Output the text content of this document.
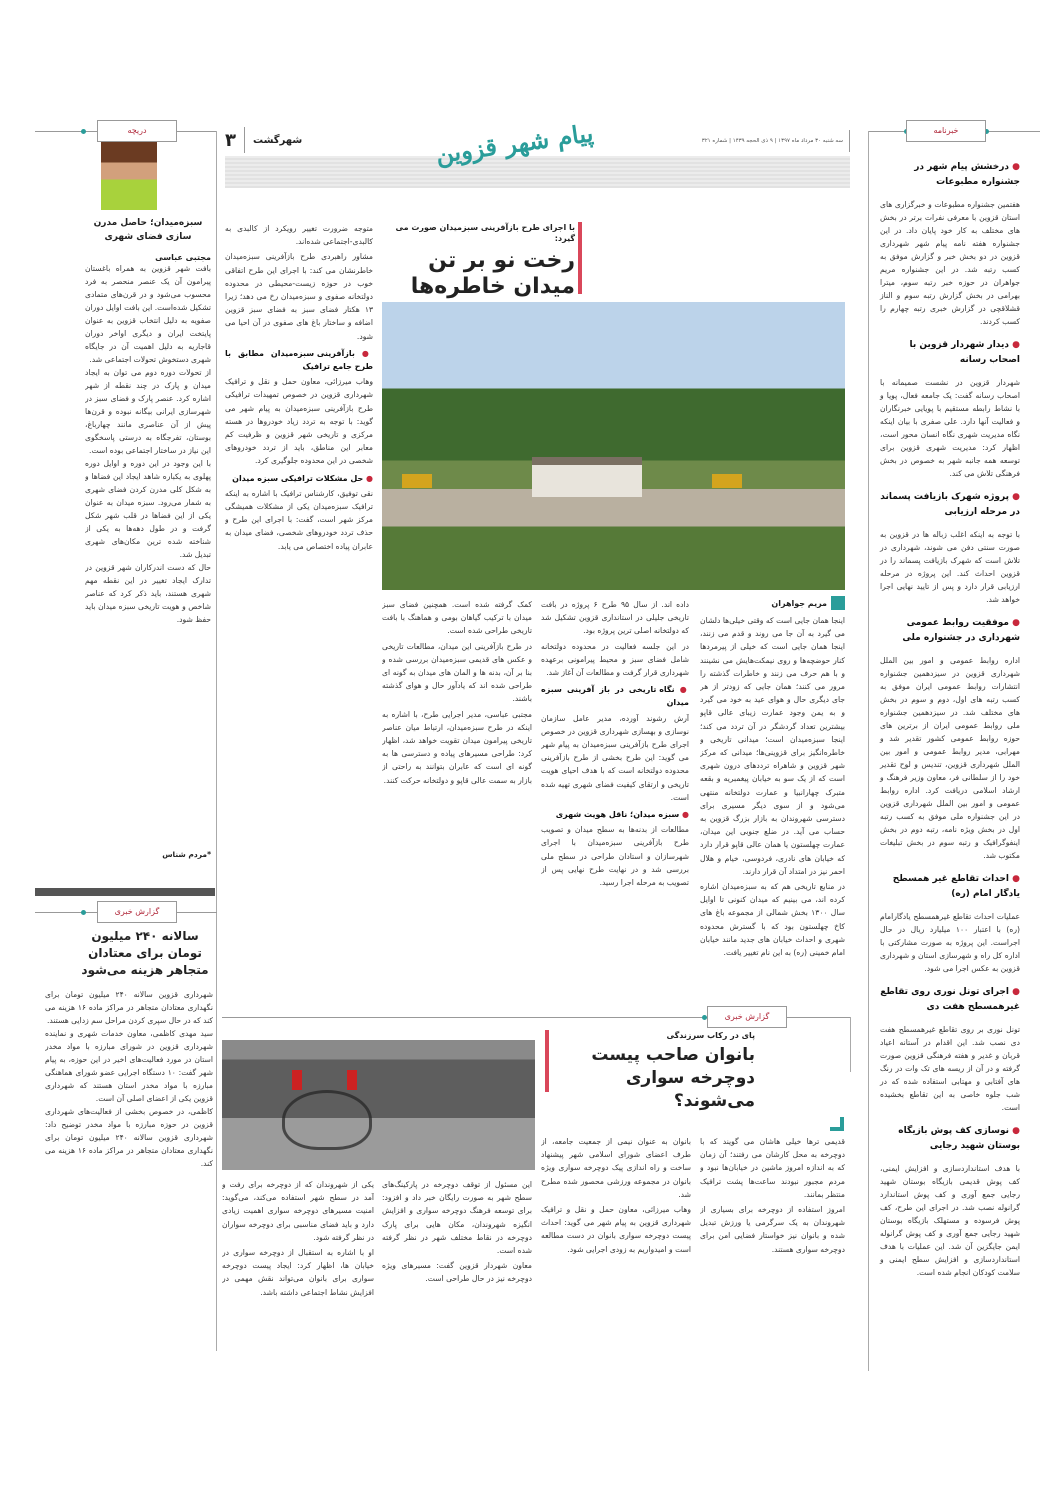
پیام شهر قزوین	سه شنبه ۳۰ مرداد ماه ۱۳۹۷ | ۹ ذی الحجه ۱۴۳۹ | شماره ۳۲۱
۳ شهرگشت
خبرنامه
● درخشش پیام شهر در جشنواره مطبوعات
هفتمین جشنواره مطبوعات و خبرگزاری های استان قزوین با معرفی نفرات برتر در بخش های مختلف به کار خود پایان داد. در این جشنواره هفته نامه پیام شهر شهرداری قزوین در دو بخش خبر و گزارش موفق به کسب رتبه شد. در این جشنواره مریم جواهران در حوزه خبر رتبه سوم، میترا بهرامی در بخش گزارش رتبه سوم و الناز قشلاقچی در گزارش خبری رتبه چهارم را کسب کردند.
● دیدار شهردار قزوین با اصحاب رسانه
شهردار قزوین در نشست صمیمانه با اصحاب رسانه گفت: یک جامعه فعال، پویا و با نشاط رابطه مستقیم با پویایی خبرنگاران و فعالیت آنها دارد. علی صفری با بیان اینکه نگاه مدیریت شهری نگاه انسان محور است، اظهار کرد: مدیریت شهری قزوین برای توسعه همه جانبه شهر به خصوص در بخش فرهنگی تلاش می کند.
● پروژه شهرک بازیافت پسماند در مرحله ارزیابی
با توجه به اینکه اغلب زباله ها در قزوین به صورت سنتی دفن می شوند، شهرداری در تلاش است که شهرک بازیافت پسماند را در قزوین احداث کند. این پروژه در مرحله ارزیابی قرار دارد و پس از تایید نهایی اجرا خواهد شد.
● موفقیت روابط عمومی شهرداری در جشنواره ملی
اداره روابط عمومی و امور بین الملل شهرداری قزوین در سیزدهمین جشنواره انتشارات روابط عمومی ایران موفق به کسب رتبه های اول، دوم و سوم در بخش های مختلف شد. در سیزدهمین جشنواره ملی روابط عمومی ایران از برترین های حوزه روابط عمومی کشور تقدیر شد و مهرابی، مدیر روابط عمومی و امور بین الملل شهرداری قزوین، تندیس و لوح تقدیر خود را از سلطانی فر، معاون وزیر فرهنگ و ارشاد اسلامی دریافت کرد. اداره روابط عمومی و امور بین الملل شهرداری قزوین در این جشنواره ملی موفق به کسب رتبه اول در بخش ویژه نامه، رتبه دوم در بخش اینفوگرافیک و رتبه سوم در بخش تبلیغات مکتوب شد.
● احداث تقاطع غیر همسطح یادگار امام (ره)
عملیات احداث تقاطع غیرهمسطح یادگارامام (ره) با اعتبار ۱۰۰ میلیارد ریال در حال اجراست. این پروژه به صورت مشارکتی با اداره کل راه و شهرسازی استان و شهرداری قزوین به عکس اجرا می شود.
● اجرای تونل نوری روی تقاطع غیرهمسطح هفت دی
تونل نوری بر روی تقاطع غیرهمسطح هفت دی نصب شد. این اقدام در آستانه اعیاد قربان و غدیر و هفته فرهنگی قزوین صورت گرفته و در آن از ریسه های تک وات در رنگ های آفتابی و مهتابی استفاده شده که در شب جلوه خاصی به این تقاطع بخشیده است.
● نوسازی کف پوش بازیگاه بوستان شهید رجایی
با هدف استانداردسازی و افزایش ایمنی، کف پوش قدیمی بازیگاه بوستان شهید رجایی جمع آوری و کف پوش استاندارد گرانوله نصب شد. در اجرای این طرح، کف پوش فرسوده و مستهلک بازیگاه بوستان شهید رجایی جمع آوری و کف پوش گرانوله ایمن جایگزین آن شد. این عملیات با هدف استانداردسازی و افزایش سطح ایمنی و سلامت کودکان انجام شده است.
دریچه
سبزه‌میدان؛ حاصل مدرن سازی فضای شهری
مجتبی عباسی

بافت شهر قزوین به همراه باغستان پیرامون آن یک عنصر منحصر به فرد محسوب می‌شود و در قرن‌های متمادی تشکیل شده‌است. این بافت اوایل دوران صفویه به دلیل انتخاب قزوین به عنوان پایتخت ایران و دیگری اواخر دوران قاجاریه به دلیل اهمیت آن در جایگاه شهری دستخوش تحولات اجتماعی شد.

از تحولات دوره دوم می توان به ایجاد میدان و پارک در چند نقطه از شهر اشاره کرد. عنصر پارک و فضای سبز در شهرسازی ایرانی بیگانه نبوده و قرن‌ها پیش از آن عناصری مانند چهارباغ، بوستان، تفرجگاه به درستی پاسخگوی این نیاز در ساختار اجتماعی بوده است.

با این وجود در این دوره و اوایل دوره پهلوی به یکباره شاهد ایجاد این فضاها و به شکل کلی مدرن کردن فضای شهری به شمار می‌رود. سبزه میدان به عنوان یکی از این فضاها در قلب شهر شکل گرفت و در طول دهه‌ها به یکی از شناخته شده ترین مکان‌های شهری تبدیل شد.

حال که دست اندرکاران شهر قزوین در تدارک ایجاد تغییر در این نقطه مهم شهری هستند، باید ذکر کرد که عناصر شاخص و هویت تاریخی سبزه میدان باید حفظ شود.

*مردم شناس
گزارش خبری
سالانه ۲۴۰ میلیون تومان برای معتادان متجاهر هزینه می‌شود

شهرداری قزوین سالانه ۲۴۰ میلیون تومان برای نگهداری معتادان متجاهر در مراکز ماده ۱۶ هزینه می کند که در حال سپری کردن مراحل سم زدایی هستند.

سید مهدی کاظمی، معاون خدمات شهری و نماینده شهرداری قزوین در شورای مبارزه با مواد مخدر استان در مورد فعالیت‌های اخیر در این حوزه، به پیام شهر گفت: ۱۰ دستگاه اجرایی عضو شورای هماهنگی مبارزه با مواد مخدر استان هستند که شهرداری قزوین یکی از اعضای اصلی آن است.

کاظمی، در خصوص بخشی از فعالیت‌های شهرداری قزوین در حوزه مبارزه با مواد مخدر توضیح داد: شهرداری قزوین سالانه ۲۴۰ میلیون تومان برای نگهداری معتادان متجاهر در مراکز ماده ۱۶ هزینه می کند.

با اجرای طرح بازآفرینی سبزمیدان صورت می گیرد:
رخت نو بر تن میدان خاطره‌ها
مریم جواهران

اینجا همان جایی است که وقتی خیلی‌ها دلشان می گیرد به آن جا می روند و قدم می زنند، اینجا همان جایی است که خیلی از پیرمردها کنار حوضچه‌ها و روی نیمکت‌هایش می نشینند و با هم حرف می زنند و خاطرات گذشته را مرور می کنند؛ همان جایی که زودتر از هر جای دیگری حال و هوای عید به خود می گیرد و به یمن وجود عمارت زیبای عالی قاپو بیشترین تعداد گردشگر در آن تردد می کند؛ اینجا سبزه‌میدان است؛ میدانی تاریخی و خاطره‌انگیز برای قزوینی‌ها؛ میدانی که مرکز شهر قزوین و شاهراه ترددهای درون شهری است که از یک سو به خیابان پیغمبریه و بقعه متبرک چهارانبیا و عمارت دولتخانه منتهی می‌شود و از سوی دیگر مسیری برای دسترسی شهروندان به بازار بزرگ قزوین به حساب می آید. در ضلع جنوبی این میدان، عمارت چهلستون یا همان عالی قاپو قرار دارد که خیابان های نادری، فردوسی، خیام و هلال احمر نیز در امتداد آن قرار دارند.

در منابع تاریخی هم که به سبزه‌میدان اشاره کرده اند، می بینیم که میدان کنونی تا اوایل سال ۱۳۰۰ بخش شمالی از مجموعه باغ های کاخ چهلستون بود که با گسترش محدوده شهری و احداث خیابان های جدید مانند خیابان امام خمینی (ره) به این نام تغییر یافت.

داده اند. از سال ۹۵ طرح ۶ پروژه در بافت تاریخی جلیلی در استانداری قزوین تشکیل شد که دولتخانه اصلی ترین پروژه بود.

در این جلسه فعالیت در محدوده دولتخانه شامل فضای سبز و محیط پیرامونی برعهده شهرداری قرار گرفت و مطالعات آن آغاز شد.

● نگاه تاریخی در باز آفرینی سبزه میدان

آرش رشوند آورده، مدیر عامل سازمان نوسازی و بهسازی شهرداری قزوین در خصوص اجرای طرح بازآفرینی سبزه‌میدان به پیام شهر می گوید: این طرح بخشی از طرح بازآفرینی محدوده دولتخانه است که با هدف احیای هویت تاریخی و ارتقای کیفیت فضای شهری تهیه شده است.

● سبزه میدان؛ ناقل هویت شهری

مطالعات از بدنه‌ها به سطح میدان و تصویب طرح بازآفرینی سبزه‌میدان با اجرای شهرسازان و استادان طراحی در سطح ملی بررسی شد و در نهایت طرح نهایی پس از تصویب به مرحله اجرا رسید.

کمک گرفته شده است. همچنین فضای سبز میدان با ترکیب گیاهان بومی و هماهنگ با بافت تاریخی طراحی شده است.

در طرح بازآفرینی این میدان، مطالعات تاریخی و عکس های قدیمی سبزه‌میدان بررسی شده و بنا بر آن، بدنه ها و المان های میدان به گونه ای طراحی شده اند که یادآور حال و هوای گذشته باشند.

مجتبی عباسی، مدیر اجرایی طرح، با اشاره به اینکه در طرح سبزه‌میدان، ارتباط میان عناصر تاریخی پیرامون میدان تقویت خواهد شد، اظهار کرد: طراحی مسیرهای پیاده و دسترسی ها به گونه ای است که عابران بتوانند به راحتی از بازار به سمت عالی قاپو و دولتخانه حرکت کنند.

متوجه ضرورت تغییر رویکرد از کالبدی به کالبدی-اجتماعی شده‌اند.

مشاور راهبردی طرح بازآفرینی سبزه‌میدان خاطرنشان می کند: با اجرای این طرح اتفاقی خوب در حوزه زیست-محیطی در محدوده دولتخانه صفوی و سبزه‌میدان رخ می دهد؛ زیرا ۱۳ هکتار فضای سبز به فضای سبز قزوین اضافه و ساختار باغ های صفوی در آن احیا می شود.

● بازآفرینی سبزه‌میدان مطابق با طرح جامع ترافیک

وهاب میرزائی، معاون حمل و نقل و ترافیک شهرداری قزوین در خصوص تمهیدات ترافیکی طرح بازآفرینی سبزه‌میدان به پیام شهر می گوید: با توجه به تردد زیاد خودروها در هسته مرکزی و تاریخی شهر قزوین و ظرفیت کم معابر این مناطق، باید از تردد خودروهای شخصی در این محدوده جلوگیری کرد.

● حل مشکلات ترافیکی سبزه میدان

نقی توفیق، کارشناس ترافیک با اشاره به اینکه ترافیک سبزه‌میدان یکی از مشکلات همیشگی مرکز شهر است، گفت: با اجرای این طرح و حذف تردد خودروهای شخصی، فضای میدان به عابران پیاده اختصاص می یابد.

گزارش خبری
پای در رکاب سرزندگی
بانوان صاحب پیست دوچرخه سواری می‌شوند؟

قدیمی ترها خیلی هاشان می گویند که با دوچرخه به محل کارشان می رفتند؛ آن زمان که به اندازه امروز ماشین در خیابان‌ها نبود و مردم مجبور نبودند ساعت‌ها پشت ترافیک منتظر بمانند.

امروز استفاده از دوچرخه برای بسیاری از شهروندان به یک سرگرمی یا ورزش تبدیل شده و بانوان نیز خواستار فضایی امن برای دوچرخه سواری هستند.

بانوان به عنوان نیمی از جمعیت جامعه، از طرف اعضای شورای اسلامی شهر پیشنهاد ساخت و راه اندازی پیک دوچرخه سواری ویژه بانوان در مجموعه ورزشی محصور شده مطرح شد.

وهاب میرزائی، معاون حمل و نقل و ترافیک شهرداری قزوین به پیام شهر می گوید: احداث پیست دوچرخه سواری بانوان در دست مطالعه است و امیدواریم به زودی اجرایی شود.

این مسئول از توقف دوچرخه در پارکینگ‌های سطح شهر به صورت رایگان خبر داد و افزود: برای توسعه فرهنگ دوچرخه سواری و افزایش انگیزه شهروندان، مکان هایی برای پارک دوچرخه در نقاط مختلف شهر در نظر گرفته شده است.

معاون شهردار قزوین گفت: مسیرهای ویژه دوچرخه نیز در حال طراحی است.

یکی از شهروندان که از دوچرخه برای رفت و آمد در سطح شهر استفاده می‌کند، می‌گوید: امنیت مسیرهای دوچرخه سواری اهمیت زیادی دارد و باید فضای مناسبی برای دوچرخه سواران در نظر گرفته شود.

او با اشاره به استقبال از دوچرخه سواری در خیابان ها، اظهار کرد: ایجاد پیست دوچرخه سواری برای بانوان می‌تواند نقش مهمی در افزایش نشاط اجتماعی داشته باشد.
